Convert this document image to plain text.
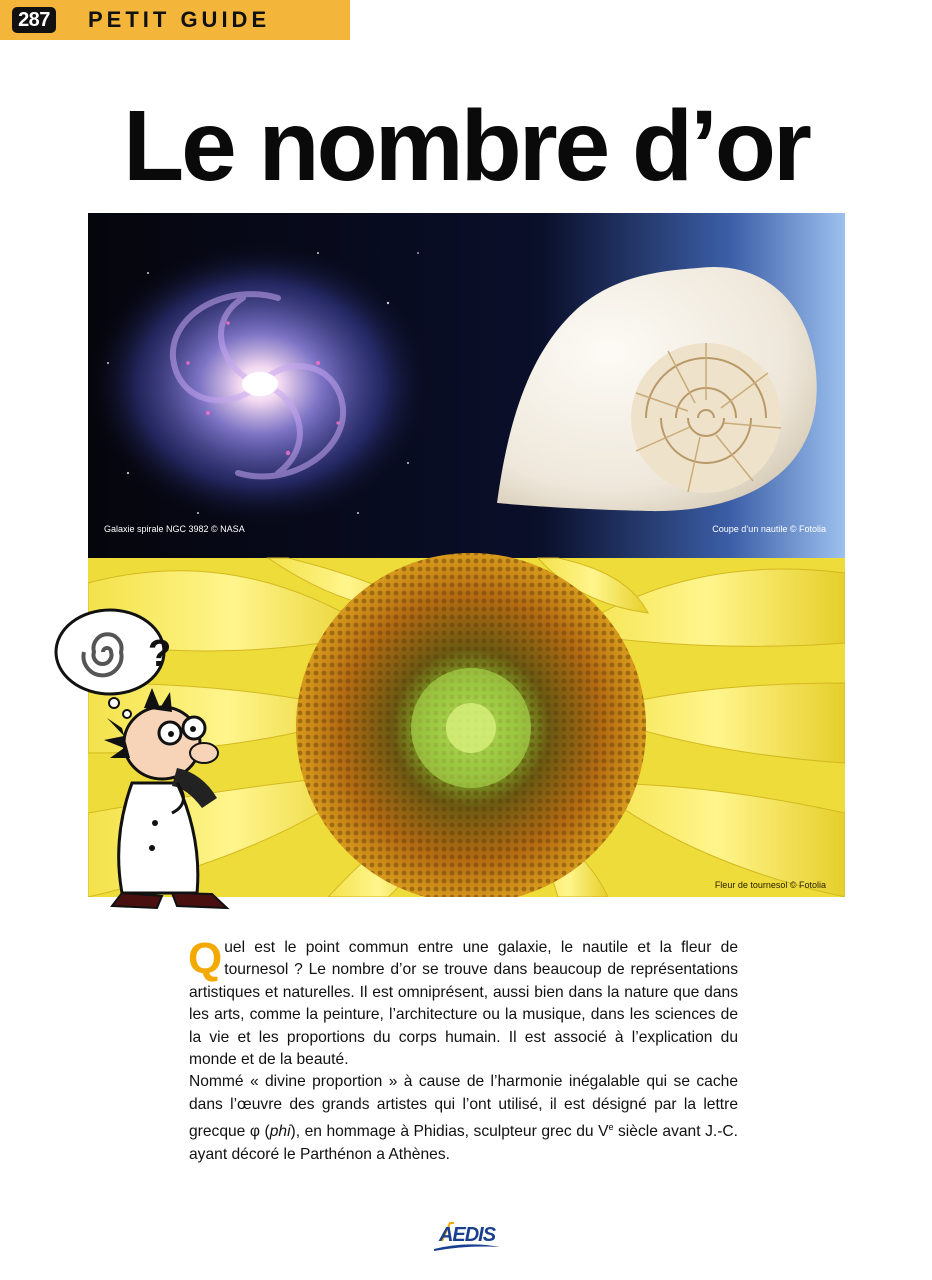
287 PETIT GUIDE
Le nombre d’or
Galaxie spirale NGC 3982 © NASA	Coupe d’un nautile © Fotolia
Fleur de tournesol © Fotolia
?

Quel est le point commun entre une galaxie, le nautile et la fleur de tournesol ? Le nombre d’or se trouve dans beaucoup de représentations artistiques et naturelles. Il est omniprésent, aussi bien dans la nature que dans les arts, comme la peinture, l’architecture ou la musique, dans les sciences de la vie et les proportions du corps humain. Il est associé à l’explication du monde et de la beauté.

Nommé « divine proportion » à cause de l’harmonie inégalable qui se cache dans l’œuvre des grands artistes qui l’ont utilisé, il est désigné par la lettre grecque φ (phi), en hommage à Phidias, sculpteur grec du Ve siècle avant J.-C. ayant décoré le Parthénon a Athènes.

AEDIS
